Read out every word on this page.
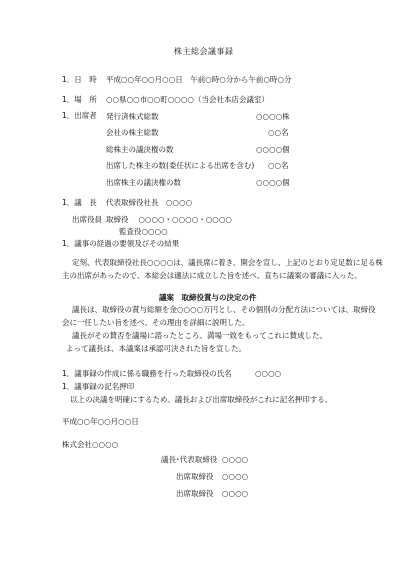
株主総会議事録
1．日　時 平成○○年○○月○○日　午前○時○分から午前○時○分
1．場　所 ○○県○○市○○町○○○○（当会社本店会議室）
1．出席者 発行済株式総数	○○○○株
会社の株主総数	○○名
総株主の議決権の数	○○○○個
出席した株主の数(委任状による出席を含む) ○○名
出席株主の議決権の数	○○○○個
1．議　長 代表取締役社長　○○○○
出席役員 取締役　 ○○○○・○○○○・○○○○
監査役○○○○
1．議事の経過の要領及びその結果
定刻、代表取締役社長○○○○は、議長席に着き、開会を宣し、上記のとおり定足数に足る株
主の出席があったので、本総会は適法に成立した旨を述べ、直ちに議案の審議に入った。
議案　取締役賞与の決定の件
議長は、取締役の賞与総額を金○○○○万円とし、その個別の分配方法については、取締役
会に一任したい旨を述べ、その理由を詳細に説明した。
議長がその賛否を議場に諮ったところ、満場一致をもってこれに賛成した。
よって議長は、本議案は承認可決された旨を宣した。
1．議事録の作成に係る職務を行った取締役の氏名	○○○○
1．議事録の記名押印
以上の決議を明確にするため、議長および出席取締役がこれに記名押印する。
平成○○年○○月○○日
株式会社○○○○
議長･代表取締役 ○○○○
出席取締役 ○○○○
出席取締役 ○○○○
